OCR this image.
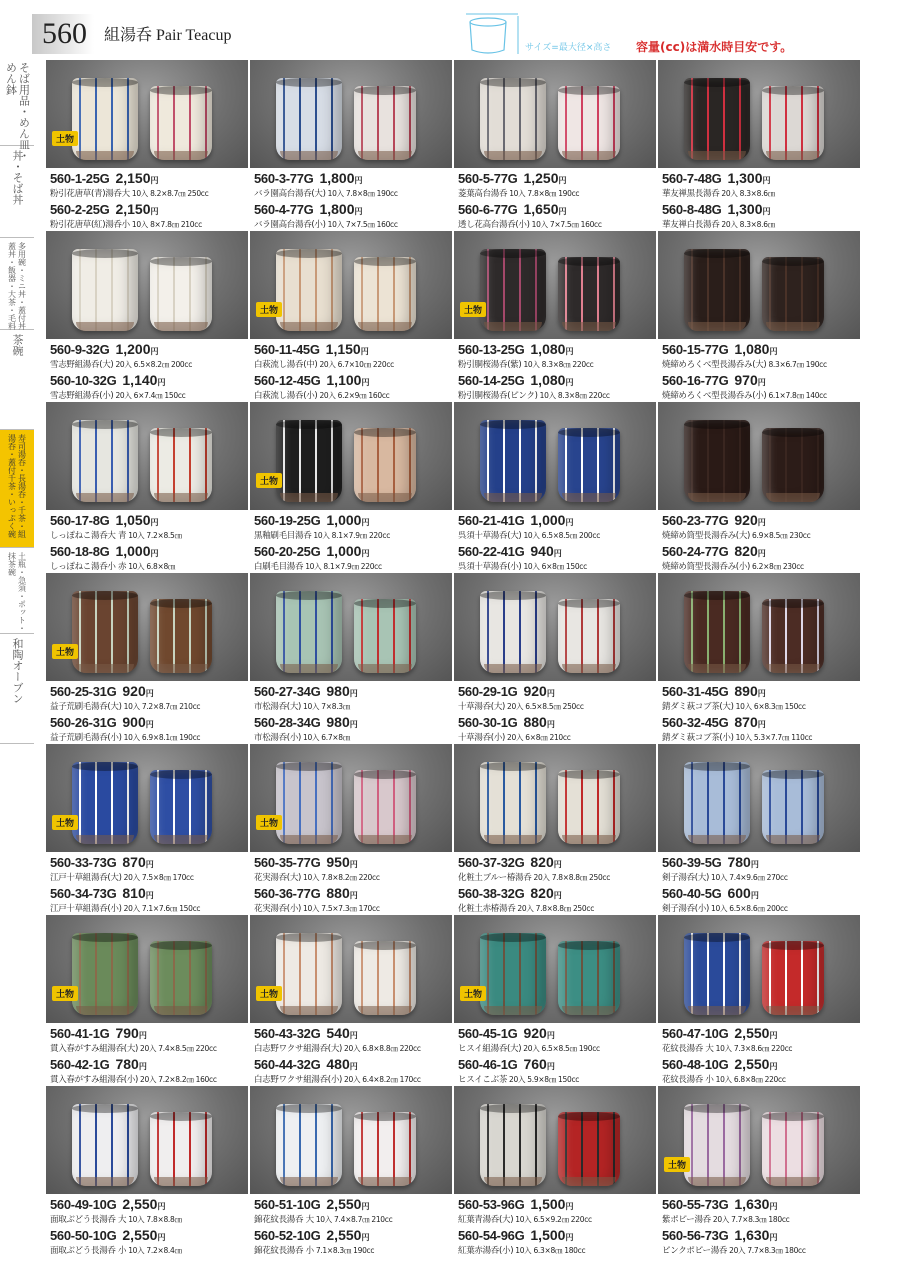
560	組湯呑 Pair Teacup
サイズ=最大径×高さ 容量(cc)は満水時目安です。
そば用品・めん皿・
めん鉢
丼・そば丼
多用碗・ミニ丼・蓋付丼
蓋丼・飯器・大茶・毛料
茶碗
寿司湯呑・長湯呑・千茶・組
湯呑・蓋付千茶・いっぷく碗
土瓶・急須・ポット・
抹茶碗
和陶オーブン
土物
560-1-25G 2,150円
粉引花唐草(青)湯呑大 10入 8.2×8.7㎝ 250cc
560-2-25G 2,150円
粉引花唐草(紅)湯呑小 10入 8×7.8㎝ 210cc
560-3-77G 1,800円
バラ園高台湯呑(大) 10入 7.8×8㎝ 190cc
560-4-77G 1,800円
バラ園高台湯呑(小) 10入 7×7.5㎝ 160cc
560-5-77G 1,250円
菱葉高台湯呑 10入 7.8×8㎝ 190cc
560-6-77G 1,650円
透し花高台湯呑(小) 10入 7×7.5㎝ 160cc
560-7-48G 1,300円
華友禅黒長湯呑 20入 8.3×8.6㎝
560-8-48G 1,300円
華友禅白長湯呑 20入 8.3×8.6㎝
560-9-32G 1,200円
雪志野組湯呑(大) 20入 6.5×8.2㎝ 200cc
560-10-32G 1,140円
雪志野組湯呑(小) 20入 6×7.4㎝ 150cc
土物
560-11-45G 1,150円
白萩流し湯呑(中) 20入 6.7×10㎝ 220cc
560-12-45G 1,100円
白萩流し湯呑(小) 20入 6.2×9㎝ 160cc
土物
560-13-25G 1,080円
粉引胴桜湯呑(紫) 10入 8.3×8㎝ 220cc
560-14-25G 1,080円
粉引胴桜湯呑(ピンク) 10入 8.3×8㎝ 220cc
560-15-77G 1,080円
焼締めろくべ型長湯呑み(大) 8.3×6.7㎝ 190cc
560-16-77G 970円
焼締めろくべ型長湯呑み(小) 6.1×7.8㎝ 140cc
560-17-8G 1,050円
しっぽねこ湯呑大 青 10入 7.2×8.5㎝
560-18-8G 1,000円
しっぽねこ湯呑小 赤 10入 6.8×8㎝
土物
560-19-25G 1,000円
黒釉刷毛目湯呑 10入 8.1×7.9㎝ 220cc
560-20-25G 1,000円
白刷毛目湯呑 10入 8.1×7.9㎝ 220cc
560-21-41G 1,000円
呉須十草湯呑(大) 10入 6.5×8.5㎝ 200cc
560-22-41G 940円
呉須十草湯呑(小) 10入 6×8㎝ 150cc
560-23-77G 920円
焼締め筒型長湯呑み(大) 6.9×8.5㎝ 230cc
560-24-77G 820円
焼締め筒型長湯呑み(小) 6.2×8㎝ 230cc
土物
560-25-31G 920円
益子荒刷毛湯呑(大) 10入 7.2×8.7㎝ 210cc
560-26-31G 900円
益子荒刷毛湯呑(小) 10入 6.9×8.1㎝ 190cc
560-27-34G 980円
市松湯呑(大) 10入 7×8.3㎝
560-28-34G 980円
市松湯呑(小) 10入 6.7×8㎝
560-29-1G 920円
十草湯呑(大) 20入 6.5×8.5㎝ 250cc
560-30-1G 880円
十草湯呑(小) 20入 6×8㎝ 210cc
560-31-45G 890円
錆ダミ萩コブ茶(大) 10入 6×8.3㎝ 150cc
560-32-45G 870円
錆ダミ萩コブ茶(小) 10入 5.3×7.7㎝ 110cc
土物
560-33-73G 870円
江戸十草組湯呑(大) 20入 7.5×8㎝ 170cc
560-34-73G 810円
江戸十草組湯呑(小) 20入 7.1×7.6㎝ 150cc
土物
560-35-77G 950円
花実湯呑(大) 10入 7.8×8.2㎝ 220cc
560-36-77G 880円
花実湯呑(小) 10入 7.5×7.3㎝ 170cc
560-37-32G 820円
化粧土ブルー椿湯呑 20入 7.8×8.8㎝ 250cc
560-38-32G 820円
化粧土赤椿湯呑 20入 7.8×8.8㎝ 250cc
560-39-5G 780円
剣子湯呑(大) 10入 7.4×9.6㎝ 270cc
560-40-5G 600円
剣子湯呑(小) 10入 6.5×8.6㎝ 200cc
土物
560-41-1G 790円
貫入春がすみ組湯呑(大) 20入 7.4×8.5㎝ 220cc
560-42-1G 780円
貫入春がすみ組湯呑(小) 20入 7.2×8.2㎝ 160cc
土物
560-43-32G 540円
白志野ワクサ組湯呑(大) 20入 6.8×8.8㎝ 220cc
560-44-32G 480円
白志野ワクサ組湯呑(小) 20入 6.4×8.2㎝ 170cc
土物
560-45-1G 920円
ヒスイ組湯呑(大) 20入 6.5×8.5㎝ 190cc
560-46-1G 760円
ヒスイこぶ茶 20入 5.9×8㎝ 150cc
560-47-10G 2,550円
花紋長湯呑 大 10入 7.3×8.6㎝ 220cc
560-48-10G 2,550円
花紋長湯呑 小 10入 6.8×8㎝ 220cc
560-49-10G 2,550円
面取ぶどう長湯呑 大 10入 7.8×8.8㎝
560-50-10G 2,550円
面取ぶどう長湯呑 小 10入 7.2×8.4㎝
560-51-10G 2,550円
錦花紋長湯呑 大 10入 7.4×8.7㎝ 210cc
560-52-10G 2,550円
錦花紋長湯呑 小 7.1×8.3㎝ 190cc
560-53-96G 1,500円
紅葉青湯呑(大) 10入 6.5×9.2㎝ 220cc
560-54-96G 1,500円
紅葉赤湯呑(小) 10入 6.3×8㎝ 180cc
土物
560-55-73G 1,630円
紫ポピー湯呑 20入 7.7×8.3㎝ 180cc
560-56-73G 1,630円
ピンクポピー湯呑 20入 7.7×8.3㎝ 180cc
